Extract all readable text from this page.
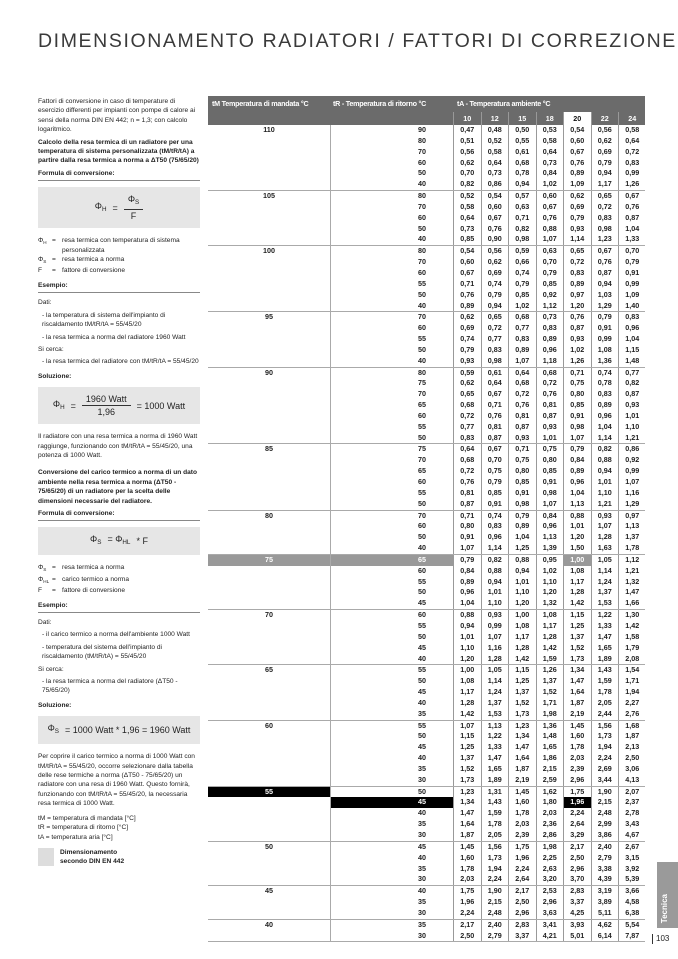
DIMENSIONAMENTO RADIATORI / FATTORI DI CORREZIONE

Fattori di conversione in caso di temperature di esercizio differenti per impianti con pompe di calore ai sensi della norma DIN EN 442; n = 1,3; con calcolo logaritmico.

Calcolo della resa termica di un radiatore per una temperatura di sistema personalizzata (tM/tR/tA) a partire dalla resa termica a norma a ΔT50 (75/65/20)

Formula di conversione:
$\Phi_H = \frac{\Phi_S}{F}$
$\Phi_H$ = resa termica con temperatura di sistema personalizzata
$\Phi_S$ = resa termica a norma
F	= fattore di conversione
Esempio:

Dati:

- la temperatura di sistema dell'impianto di riscaldamento tM/tR/tA = 55/45/20

- la resa termica a norma del radiatore 1960 Watt

Si cerca:

- la resa termica del radiatore con tM/tR/tA = 55/45/20

Soluzione:
$\Phi_H = \frac{\text{1960 Watt}}{1,96} = 1000$ Watt

Il radiatore con una resa termica a norma di 1960 Watt raggiunge, funzionando con tM/tR/tA = 55/45/20, una potenza di 1000 Watt.

Conversione del carico termico a norma di un dato ambiente nella resa termica a norma (ΔT50 - 75/65/20) di un radiatore per la scelta delle dimensioni necessarie del radiatore.

Formula di conversione:
$\Phi_S = \Phi_{HL} * F$
$\Phi_S$ = resa termica a norma
$\Phi_{HL}$ = carico termico a norma
F	= fattore di conversione
Esempio:

Dati:

- il carico termico a norma dell'ambiente 1000 Watt

- temperatura del sistema dell'impianto di riscaldamento (tM/tR/tA) = 55/45/20

Si cerca:

- la resa termica a norma del radiatore (ΔT50 - 75/65/20)

Soluzione:
$\Phi_S = 1000$ Watt * 1,96 = 1960 Watt

Per coprire il carico termico a norma di 1000 Watt con tM/tR/tA = 55/45/20, occorre selezionare dalla tabella delle rese termiche a norma (ΔT50 - 75/65/20) un radiatore con una resa di 1960 Watt. Questo fornirà, funzionando con tM/tR/tA = 55/45/20, la necessaria resa termica di 1000 Watt.

tM = temperatura di mandata [°C]
tR = temperatura di ritorno [°C]
tA = temperatura aria [°C]
Dimensionamento secondo DIN EN 442
tM Temperatura di mandata °C	tR - Temperatura di ritorno °C	tA - Temperatura ambiente °C
10	12	15	18	20	22	24
110	90	0,47	0,48	0,50	0,53	0,54	0,56	0,58
80	0,51	0,52	0,55	0,58	0,60	0,62	0,64
70	0,56	0,58	0,61	0,64	0,67	0,69	0,72
60	0,62	0,64	0,68	0,73	0,76	0,79	0,83
50	0,70	0,73	0,78	0,84	0,89	0,94	0,99
40	0,82	0,86	0,94	1,02	1,09	1,17	1,26
105	80	0,52	0,54	0,57	0,60	0,62	0,65	0,67
70	0,58	0,60	0,63	0,67	0,69	0,72	0,76
60	0,64	0,67	0,71	0,76	0,79	0,83	0,87
50	0,73	0,76	0,82	0,88	0,93	0,98	1,04
40	0,85	0,90	0,98	1,07	1,14	1,23	1,33
100	80	0,54	0,56	0,59	0,63	0,65	0,67	0,70
70	0,60	0,62	0,66	0,70	0,72	0,76	0,79
60	0,67	0,69	0,74	0,79	0,83	0,87	0,91
55	0,71	0,74	0,79	0,85	0,89	0,94	0,99
50	0,76	0,79	0,85	0,92	0,97	1,03	1,09
40	0,89	0,94	1,02	1,12	1,20	1,29	1,40
95	70	0,62	0,65	0,68	0,73	0,76	0,79	0,83
60	0,69	0,72	0,77	0,83	0,87	0,91	0,96
55	0,74	0,77	0,83	0,89	0,93	0,99	1,04
50	0,79	0,83	0,89	0,96	1,02	1,08	1,15
40	0,93	0,98	1,07	1,18	1,26	1,36	1,48
90	80	0,59	0,61	0,64	0,68	0,71	0,74	0,77
75	0,62	0,64	0,68	0,72	0,75	0,78	0,82
70	0,65	0,67	0,72	0,76	0,80	0,83	0,87
65	0,68	0,71	0,76	0,81	0,85	0,89	0,93
60	0,72	0,76	0,81	0,87	0,91	0,96	1,01
55	0,77	0,81	0,87	0,93	0,98	1,04	1,10
50	0,83	0,87	0,93	1,01	1,07	1,14	1,21
85	75	0,64	0,67	0,71	0,75	0,79	0,82	0,86
70	0,68	0,70	0,75	0,80	0,84	0,88	0,92
65	0,72	0,75	0,80	0,85	0,89	0,94	0,99
60	0,76	0,79	0,85	0,91	0,96	1,01	1,07
55	0,81	0,85	0,91	0,98	1,04	1,10	1,16
50	0,87	0,91	0,98	1,07	1,13	1,21	1,29
80	70	0,71	0,74	0,79	0,84	0,88	0,93	0,97
60	0,80	0,83	0,89	0,96	1,01	1,07	1,13
50	0,91	0,96	1,04	1,13	1,20	1,28	1,37
40	1,07	1,14	1,25	1,39	1,50	1,63	1,78
75	65	0,79	0,82	0,88	0,95	1,00	1,05	1,12
60	0,84	0,88	0,94	1,02	1,08	1,14	1,21
55	0,89	0,94	1,01	1,10	1,17	1,24	1,32
50	0,96	1,01	1,10	1,20	1,28	1,37	1,47
45	1,04	1,10	1,20	1,32	1,42	1,53	1,66
70	60	0,88	0,93	1,00	1,08	1,15	1,22	1,30
55	0,94	0,99	1,08	1,17	1,25	1,33	1,42
50	1,01	1,07	1,17	1,28	1,37	1,47	1,58
45	1,10	1,16	1,28	1,42	1,52	1,65	1,79
40	1,20	1,28	1,42	1,59	1,73	1,89	2,08
65	55	1,00	1,05	1,15	1,26	1,34	1,43	1,54
50	1,08	1,14	1,25	1,37	1,47	1,59	1,71
45	1,17	1,24	1,37	1,52	1,64	1,78	1,94
40	1,28	1,37	1,52	1,71	1,87	2,05	2,27
35	1,42	1,53	1,73	1,98	2,19	2,44	2,76
60	55	1,07	1,13	1,23	1,36	1,45	1,56	1,68
50	1,15	1,22	1,34	1,48	1,60	1,73	1,87
45	1,25	1,33	1,47	1,65	1,78	1,94	2,13
40	1,37	1,47	1,64	1,86	2,03	2,24	2,50
35	1,52	1,65	1,87	2,15	2,39	2,69	3,06
30	1,73	1,89	2,19	2,59	2,96	3,44	4,13
55	50	1,23	1,31	1,45	1,62	1,75	1,90	2,07
45	1,34	1,43	1,60	1,80	1,96	2,15	2,37
40	1,47	1,59	1,78	2,03	2,24	2,48	2,78
35	1,64	1,78	2,03	2,36	2,64	2,99	3,43
30	1,87	2,05	2,39	2,86	3,29	3,86	4,67
50	45	1,45	1,56	1,75	1,98	2,17	2,40	2,67
40	1,60	1,73	1,96	2,25	2,50	2,79	3,15
35	1,78	1,94	2,24	2,63	2,96	3,38	3,92
30	2,03	2,24	2,64	3,20	3,70	4,39	5,39
45	40	1,75	1,90	2,17	2,53	2,83	3,19	3,66
35	1,96	2,15	2,50	2,96	3,37	3,89	4,58
30	2,24	2,48	2,96	3,63	4,25	5,11	6,38
40	35	2,17	2,40	2,83	3,41	3,93	4,62	5,54
30	2,50	2,79	3,37	4,21	5,01	6,14	7,87
Tecnica
103
